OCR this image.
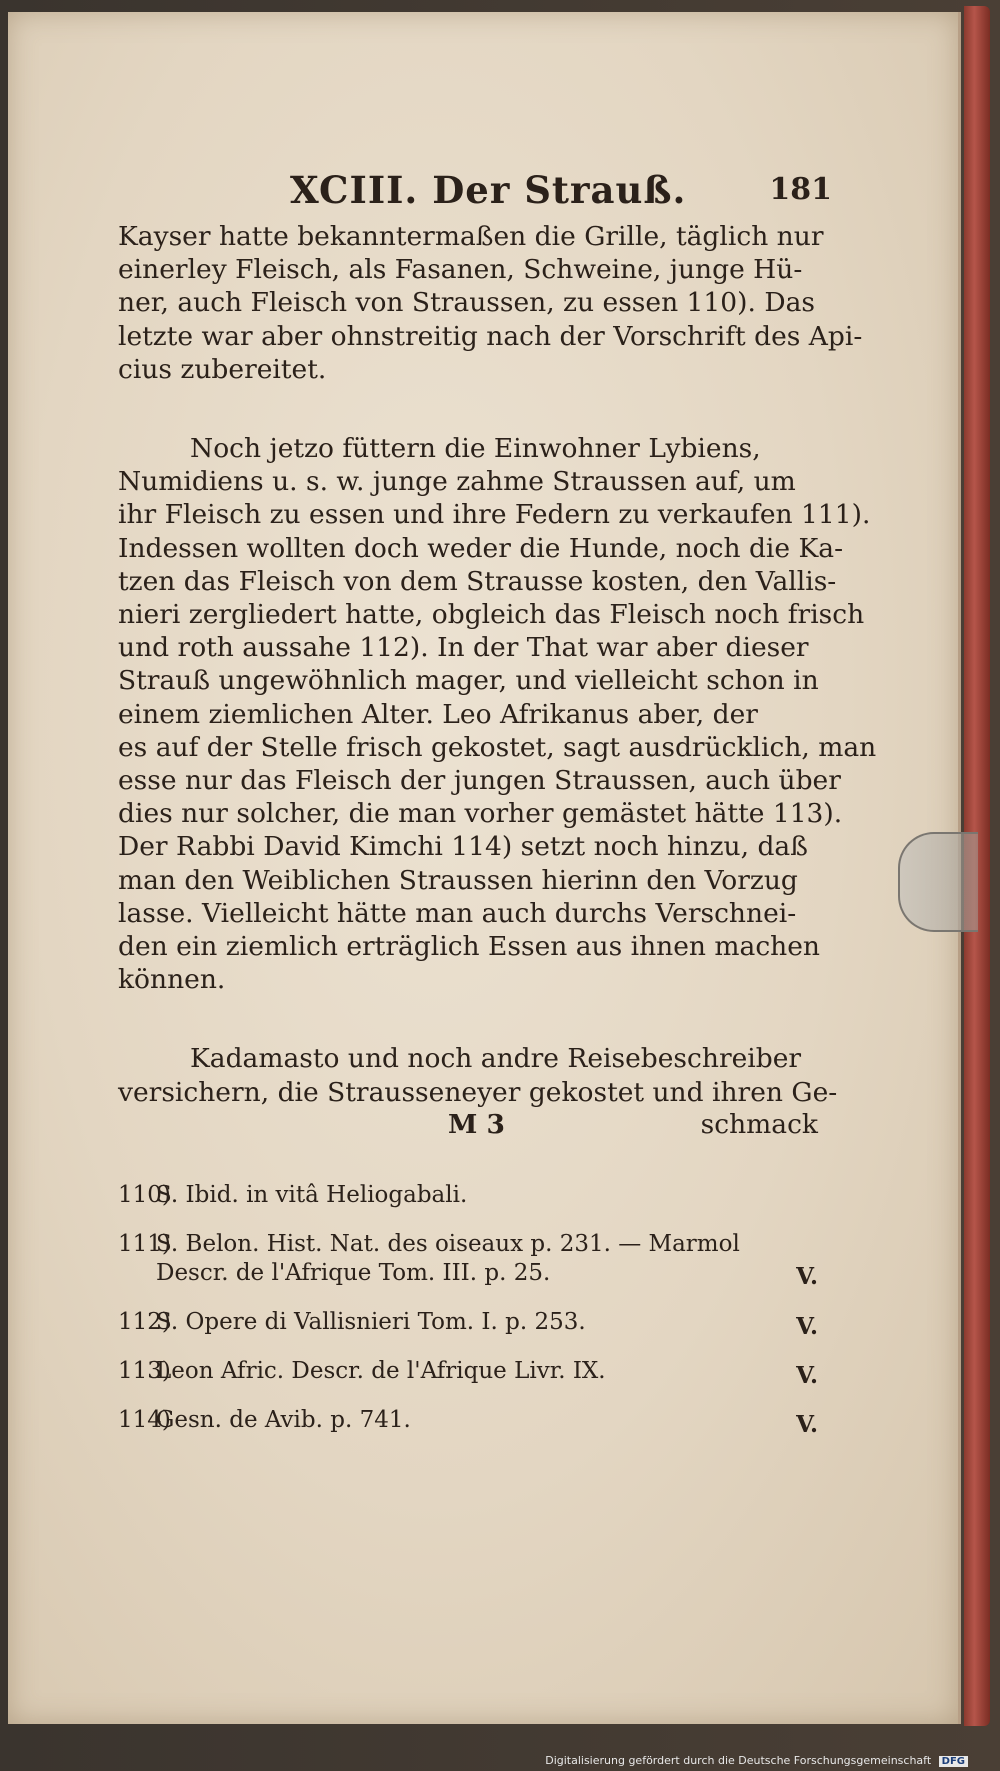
XCIII. Der Strauß.	181
Kayser hatte bekanntermaßen die Grille, täglich nur
einerley Fleisch, als Fasanen, Schweine, junge Hü-
ner, auch Fleisch von Straussen, zu essen 110). Das
letzte war aber ohnstreitig nach der Vorschrift des Api-
cius zubereitet.
Noch jetzo füttern die Einwohner Lybiens,
Numidiens u. s. w. junge zahme Straussen auf, um
ihr Fleisch zu essen und ihre Federn zu verkaufen 111).
Indessen wollten doch weder die Hunde, noch die Ka-
tzen das Fleisch von dem Strausse kosten, den Vallis-
nieri zergliedert hatte, obgleich das Fleisch noch frisch
und roth aussahe 112). In der That war aber dieser
Strauß ungewöhnlich mager, und vielleicht schon in
einem ziemlichen Alter. Leo Afrikanus aber, der
es auf der Stelle frisch gekostet, sagt ausdrücklich, man
esse nur das Fleisch der jungen Straussen, auch über
dies nur solcher, die man vorher gemästet hätte 113).
Der Rabbi David Kimchi 114) setzt noch hinzu, daß
man den Weiblichen Straussen hierinn den Vorzug
lasse. Vielleicht hätte man auch durchs Verschnei-
den ein ziemlich erträglich Essen aus ihnen machen
können.
Kadamasto und noch andre Reisebeschreiber
versichern, die Straussenеyer gekostet und ihren Ge-
M 3	schmack
110)S. Ibid. in vitâ Heliogabali.
111)S. Belon. Hist. Nat. des oiseaux p. 231. — Marmol
Descr. de l'Afrique Tom. III. p. 25.	V.
112)S. Opere di Vallisnieri Tom. I. p. 253.	V.
113)Leon Afric. Descr. de l'Afrique Livr. IX.	V.
114)Gesn. de Avib. p. 741.	V.
Digitalisierung gefördert durch die Deutsche Forschungsgemeinschaft DFG
